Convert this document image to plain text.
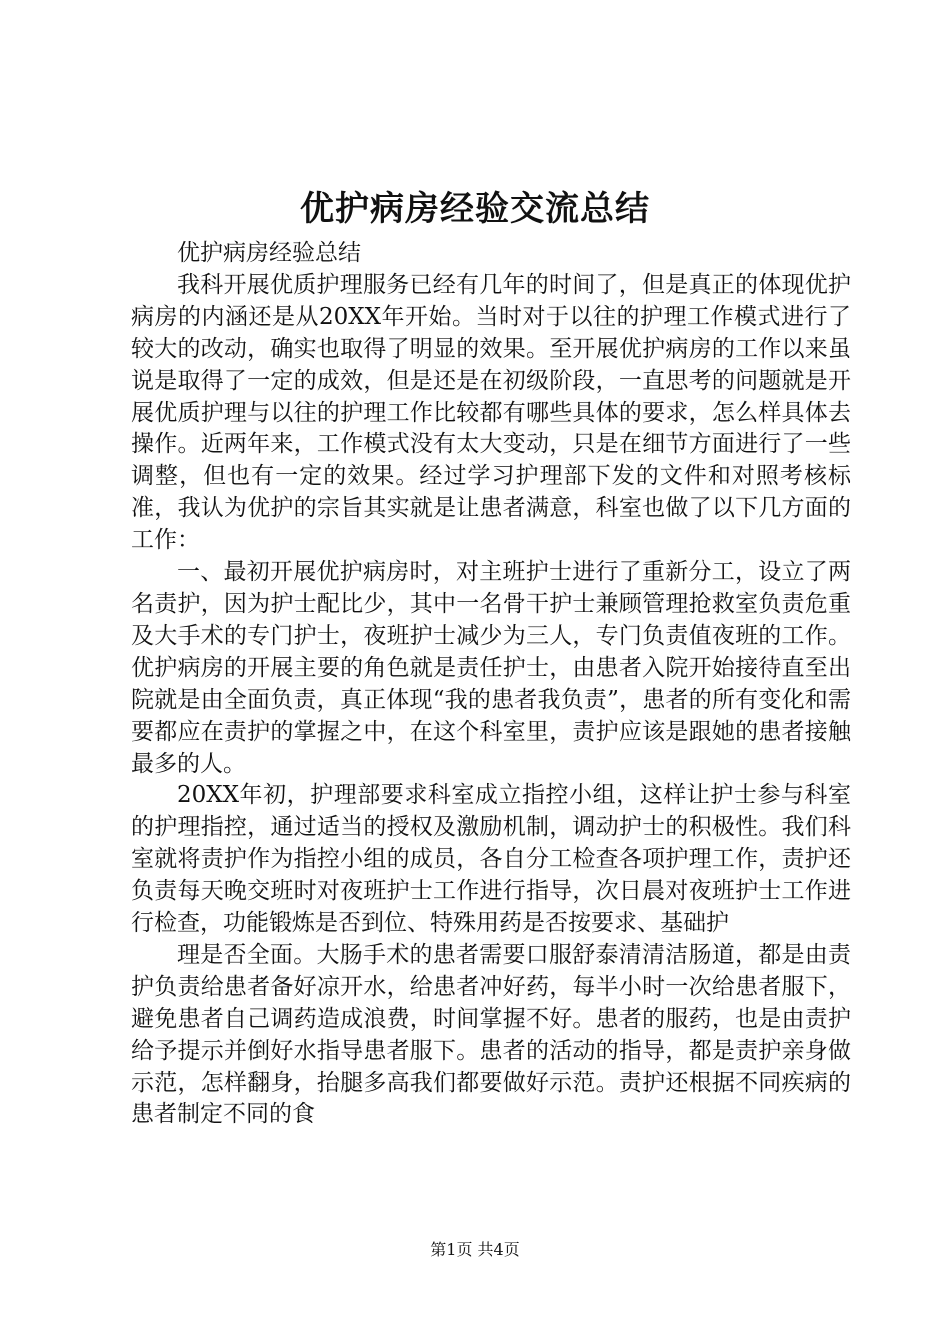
优护病房经验交流总结

优护病房经验总结

我科开展优质护理服务已经有几年的时间了，但是真正的体现优护病房的内涵还是从20XX年开始。当时对于以往的护理工作模式进行了较大的改动，确实也取得了明显的效果。至开展优护病房的工作以来虽说是取得了一定的成效，但是还是在初级阶段，一直思考的问题就是开展优质护理与以往的护理工作比较都有哪些具体的要求，怎么样具体去操作。近两年来，工作模式没有太大变动，只是在细节方面进行了一些调整，但也有一定的效果。经过学习护理部下发的文件和对照考核标准，我认为优护的宗旨其实就是让患者满意，科室也做了以下几方面的工作：

一、最初开展优护病房时，对主班护士进行了重新分工，设立了两名责护，因为护士配比少，其中一名骨干护士兼顾管理抢救室负责危重及大手术的专门护士，夜班护士减少为三人，专门负责值夜班的工作。优护病房的开展主要的角色就是责任护士，由患者入院开始接待直至出院就是由全面负责，真正体现“我的患者我负责”，患者的所有变化和需要都应在责护的掌握之中，在这个科室里，责护应该是跟她的患者接触最多的人。

20XX年初，护理部要求科室成立指控小组，这样让护士参与科室的护理指控，通过适当的授权及激励机制，调动护士的积极性。我们科室就将责护作为指控小组的成员，各自分工检查各项护理工作，责护还负责每天晚交班时对夜班护士工作进行指导，次日晨对夜班护士工作进行检查，功能锻炼是否到位、特殊用药是否按要求、基础护

理是否全面。大肠手术的患者需要口服舒泰清清洁肠道，都是由责护负责给患者备好凉开水，给患者冲好药，每半小时一次给患者服下，避免患者自己调药造成浪费，时间掌握不好。患者的服药，也是由责护给予提示并倒好水指导患者服下。患者的活动的指导，都是责护亲身做示范，怎样翻身，抬腿多高我们都要做好示范。责护还根据不同疾病的患者制定不同的食

第1页 共4页
